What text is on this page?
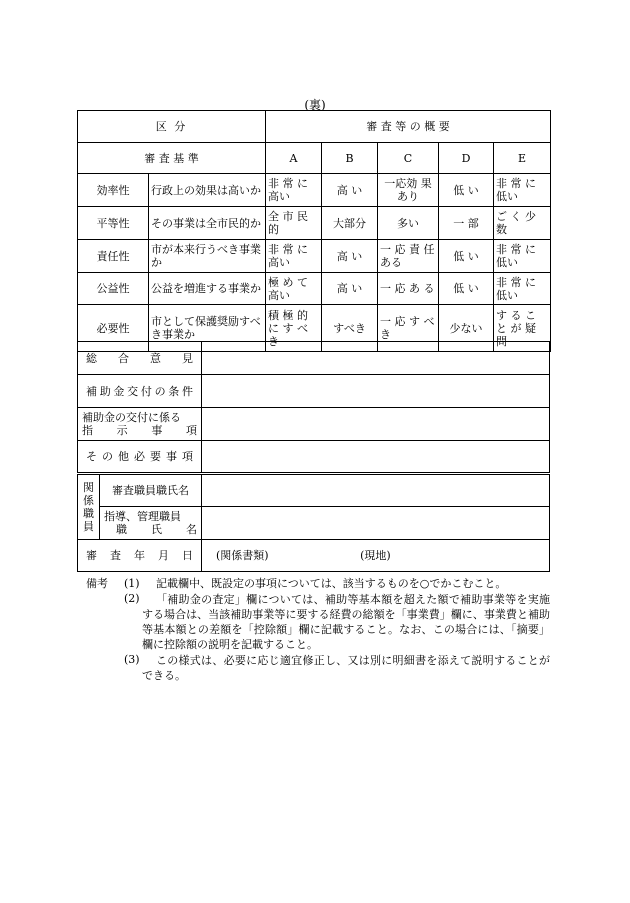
(裏)
区 分		審 査 等 の 概 要				
審 査 基 準		A	B	C	D	E
効率性	行政上の効果は高いか	非 常 に 高い	高 い	一応効 果あり	低 い	非 常 に 低い
平等性	その事業は全市民的か	全 市 民 的	大部分	多い	一 部	ご く 少 数
責任性	市が本来行うべき事業か	非 常 に 高い	高 い	一 応 責 任ある	低 い	非 常 に 低い
公益性	公益を増進する事業か	極 め て 高い	高 い	一 応 あ る	低 い	非 常 に 低い
必要性	市として保護奨励すべき事業か	積 極 的 に す べ き	すべき	一 応 す べき	少ない	す る こ と が 疑 問
総 合 意 見		
補助金交付の条件		

補助金の交付に係る
指 示 事 項		

そ の 他 必 要 事 項		
関 係 職 員	審査職員職氏名	

	指導、管理職員
職 氏 名	

審 査 年 月 日		(関係書類) (現地)
備考 (1) 記載欄中、既設定の事項については、該当するものを○でかこむこと。
(2)	「補助金の査定」欄については、補助等基本額を超えた額で補助事業等を実施する場合は、当該補助事業等に要する経費の総額を「事業費」欄に、事業費と補助等基本額との差額を「控除額」欄に記載すること。なお、この場合には、「摘要」欄に控除額の説明を記載すること。
(3)	この様式は、必要に応じ適宜修正し、又は別に明細書を添えて説明することができる。
